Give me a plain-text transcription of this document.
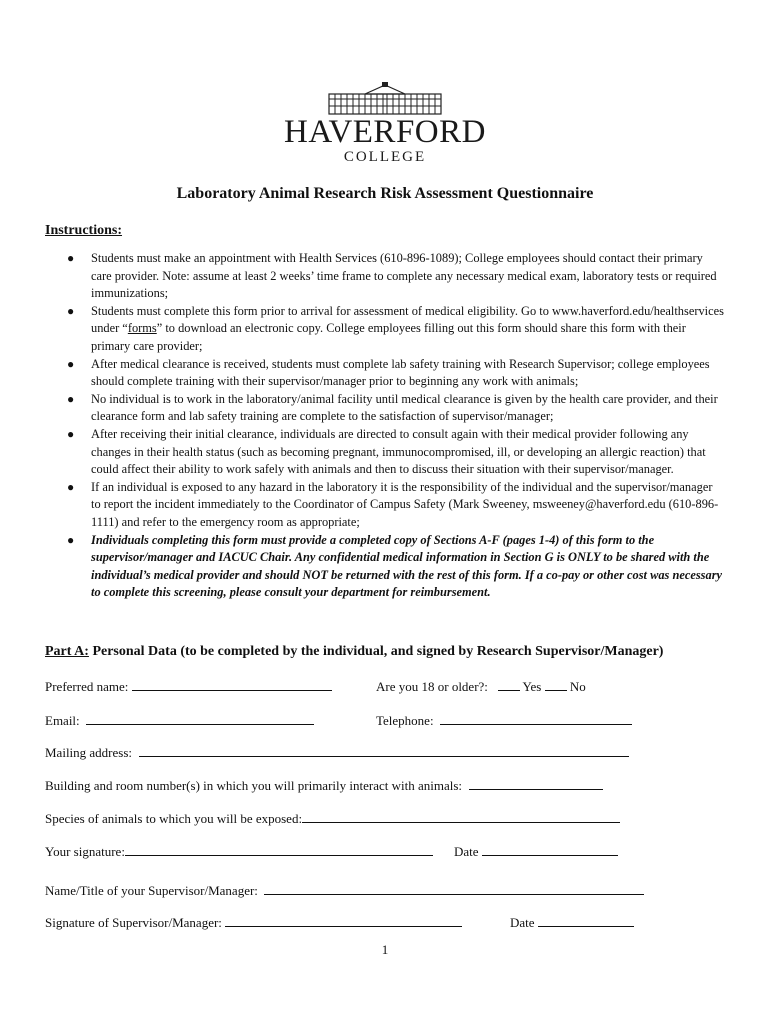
HAVERFORD
COLLEGE
Laboratory Animal Research Risk Assessment Questionnaire
Instructions:
● Students must make an appointment with Health Services (610-896-1089); College employees should contact their primary care provider. Note: assume at least 2 weeks’ time frame to complete any necessary medical exam, laboratory tests or required immunizations;
● Students must complete this form prior to arrival for assessment of medical eligibility. Go to www.haverford.edu/healthservices under “forms” to download an electronic copy. College employees filling out this form should share this form with their primary care provider;
● After medical clearance is received, students must complete lab safety training with Research Supervisor; college employees should complete training with their supervisor/manager prior to beginning any work with animals;
● No individual is to work in the laboratory/animal facility until medical clearance is given by the health care provider, and their clearance form and lab safety training are complete to the satisfaction of supervisor/manager;
● After receiving their initial clearance, individuals are directed to consult again with their medical provider following any changes in their health status (such as becoming pregnant, immunocompromised, ill, or developing an allergic reaction) that could affect their ability to work safely with animals and then to discuss their situation with their supervisor/manager.
● If an individual is exposed to any hazard in the laboratory it is the responsibility of the individual and the supervisor/manager to report the incident immediately to the Coordinator of Campus Safety (Mark Sweeney, msweeney@haverford.edu (610-896-1111) and refer to the emergency room as appropriate;
● Individuals completing this form must provide a completed copy of Sections A-F (pages 1-4) of this form to the supervisor/manager and IACUC Chair. Any confidential medical information in Section G is ONLY to be shared with the individual’s medical provider and should NOT be returned with the rest of this form. If a co-pay or other cost was necessary to complete this screening, please consult your department for reimbursement.
Part A: Personal Data (to be completed by the individual, and signed by Research Supervisor/Manager)
Preferred name:	Are you 18 or older?:	Yes No
Email:	Telephone:
Mailing address:
Building and room number(s) in which you will primarily interact with animals:
Species of animals to which you will be exposed:
Your signature:	Date
Name/Title of your Supervisor/Manager:
Signature of Supervisor/Manager:	Date
1
